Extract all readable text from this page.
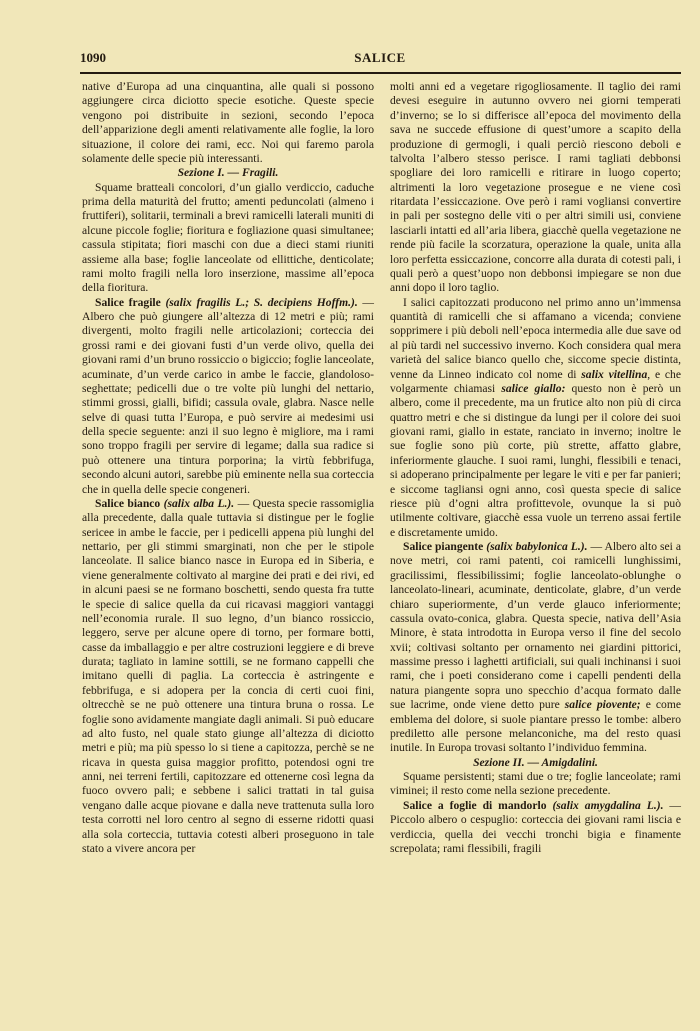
1090	SALICE

native d’Europa ad una cinquantina, alle quali si possono aggiungere circa diciotto specie esotiche. Queste specie vengono poi distribuite in sezioni, secondo l’epoca dell’apparizione degli amenti relativamente alle foglie, la loro situazione, il colore dei rami, ecc. Noi qui faremo parola solamente delle specie più interessanti.

Sezione I. — Fragili.

Squame bratteali concolori, d’un giallo verdiccio, caduche prima della maturità del frutto; amenti peduncolati (almeno i fruttiferi), solitarii, terminali a brevi ramicelli laterali muniti di alcune piccole foglie; fioritura e fogliazione quasi simultanee; cassula stipitata; fiori maschi con due a dieci stami riuniti assieme alla base; foglie lanceolate od ellittiche, denticolate; rami molto fragili nella loro inserzione, massime all’epoca della fioritura.

Salice fragile (salix fragilis L.; S. decipiens Hoffm.). — Albero che può giungere all’altezza di 12 metri e più; rami divergenti, molto fragili nelle articolazioni; corteccia dei grossi rami e dei giovani fusti d’un verde olivo, quella dei giovani rami d’un bruno rossiccio o bigiccio; foglie lanceolate, acuminate, d’un verde carico in ambe le faccie, glandoloso-seghettate; pedicelli due o tre volte più lunghi del nettario, stimmi grossi, gialli, bifidi; cassula ovale, glabra. Nasce nelle selve di quasi tutta l’Europa, e può servire ai medesimi usi della specie seguente: anzi il suo legno è migliore, ma i rami sono troppo fragili per servire di legame; dalla sua radice si può ottenere una tintura porporina; la virtù febbrifuga, secondo alcuni autori, sarebbe più eminente nella sua corteccia che in quella delle specie congeneri.

Salice bianco (salix alba L.). — Questa specie rassomiglia alla precedente, dalla quale tuttavia si distingue per le foglie sericee in ambe le faccie, per i pedicelli appena più lunghi del nettario, per gli stimmi smarginati, non che per le stipole lanceolate. Il salice bianco nasce in Europa ed in Siberia, e viene generalmente coltivato al margine dei prati e dei rivi, ed in alcuni paesi se ne formano boschetti, sendo questa fra tutte le specie di salice quella da cui ricavasi maggiori vantaggi nell’economia rurale. Il suo legno, d’un bianco rossiccio, leggero, serve per alcune opere di torno, per formare botti, casse da imballaggio e per altre costruzioni leggiere e di breve durata; tagliato in lamine sottili, se ne formano cappelli che imitano quelli di paglia. La corteccia è astringente e febbrifuga, e si adopera per la concia di certi cuoi fini, oltrecchè se ne può ottenere una tintura bruna o rossa. Le foglie sono avidamente mangiate dagli animali. Si può educare ad alto fusto, nel quale stato giunge all’altezza di diciotto metri e più; ma più spesso lo si tiene a capitozza, perchè se ne ricava in questa guisa maggior profitto, potendosi ogni tre anni, nei terreni fertili, capitozzare ed ottenerne così legna da fuoco ovvero pali; e sebbene i salici trattati in tal guisa vengano dalle acque piovane e dalla neve trattenuta sulla loro testa corrotti nel loro centro al segno di esserne ridotti quasi alla sola corteccia, tuttavia cotesti alberi proseguono in tale stato a vivere ancora per

molti anni ed a vegetare rigogliosamente. Il taglio dei rami devesi eseguire in autunno ovvero nei giorni temperati d’inverno; se lo si differisce all’epoca del movimento della sava ne succede effusione di quest’umore a scapito della produzione di germogli, i quali perciò riescono deboli e talvolta l’albero stesso perisce. I rami tagliati debbonsi spogliare dei loro ramicelli e ritirare in luogo coperto; altrimenti la loro vegetazione prosegue e ne viene così ritardata l’essiccazione. Ove però i rami vogliansi convertire in pali per sostegno delle viti o per altri simili usi, conviene lasciarli intatti ed all’aria libera, giacchè quella vegetazione ne rende più facile la scorzatura, operazione la quale, unita alla loro perfetta essiccazione, concorre alla durata di cotesti pali, i quali però a quest’uopo non debbonsi impiegare se non due anni dopo il loro taglio.

I salici capitozzati producono nel primo anno un’immensa quantità di ramicelli che si affamano a vicenda; conviene sopprimere i più deboli nell’epoca intermedia alle due save od al più tardi nel successivo inverno. Koch considera qual mera varietà del salice bianco quello che, siccome specie distinta, venne da Linneo indicato col nome di salix vitellina, e che volgarmente chiamasi salice giallo: questo non è però un albero, come il precedente, ma un frutice alto non più di circa quattro metri e che si distingue da lungi per il colore dei suoi giovani rami, giallo in estate, ranciato in inverno; inoltre le sue foglie sono più corte, più strette, affatto glabre, inferiormente glauche. I suoi rami, lunghi, flessibili e tenaci, si adoperano principalmente per legare le viti e per far panieri; e siccome tagliansi ogni anno, così questa specie di salice riesce più d’ogni altra profittevole, ovunque la si può utilmente coltivare, giacchè essa vuole un terreno assai fertile e discretamente umido.

Salice piangente (salix babylonica L.). — Albero alto sei a nove metri, coi rami patenti, coi ramicelli lunghissimi, gracilissimi, flessibilissimi; foglie lanceolato-oblunghe o lanceolato-lineari, acuminate, denticolate, glabre, d’un verde chiaro superiormente, d’un verde glauco inferiormente; cassula ovato-conica, glabra. Questa specie, nativa dell’Asia Minore, è stata introdotta in Europa verso il fine del secolo xvii; coltivasi soltanto per ornamento nei giardini pittorici, massime presso i laghetti artificiali, sui quali inchinansi i suoi rami, che i poeti considerano come i capelli pendenti della natura piangente sopra uno specchio d’acqua formato dalle sue lacrime, onde viene detto pure salice piovente; e come emblema del dolore, si suole piantare presso le tombe: albero prediletto alle persone melanconiche, ma del resto quasi inutile. In Europa trovasi soltanto l’individuo femmina.

Sezione II. — Amigdalini.

Squame persistenti; stami due o tre; foglie lanceolate; rami viminei; il resto come nella sezione precedente.

Salice a foglie di mandorlo (salix amygdalina L.). — Piccolo albero o cespuglio: corteccia dei giovani rami liscia e verdiccia, quella dei vecchi tronchi bigia e finamente screpolata; rami flessibili, fragili
